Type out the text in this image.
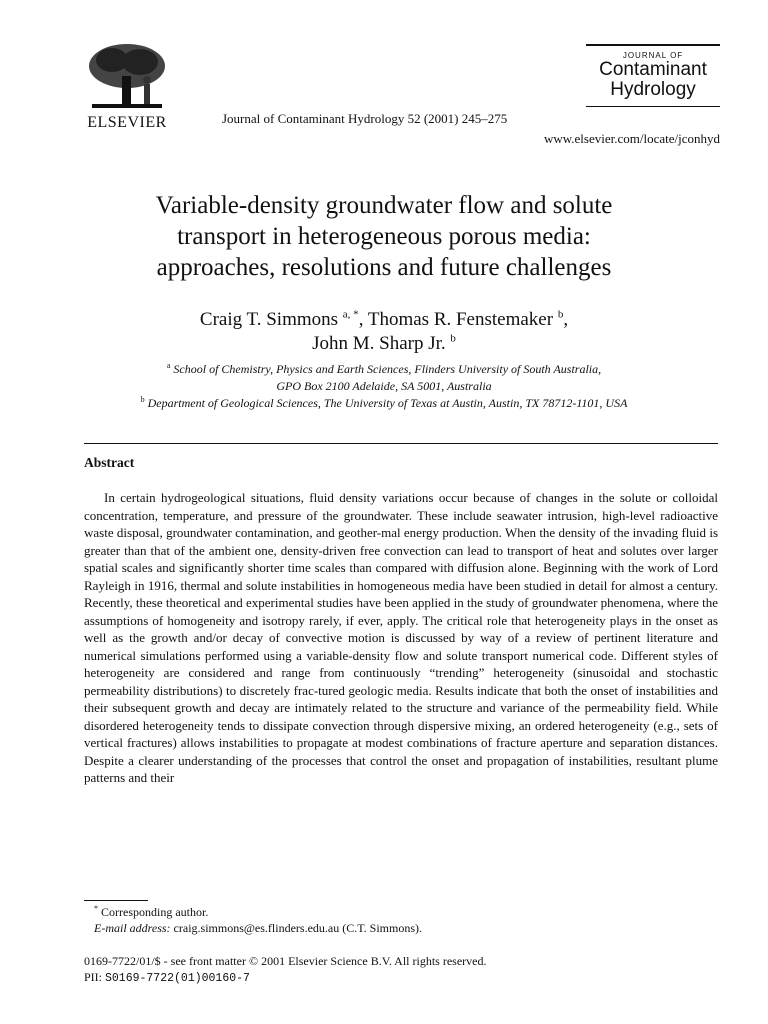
ELSEVIER	Journal of Contaminant Hydrology 52 (2001) 245–275
JOURNAL OF
Contaminant
Hydrology
www.elsevier.com/locate/jconhyd
Variable-density groundwater flow and solute
transport in heterogeneous porous media:
approaches, resolutions and future challenges
Craig T. Simmons $^{a, *}$, Thomas R. Fenstemaker $^b$,
John M. Sharp Jr. $^b$
$^a$ School of Chemistry, Physics and Earth Sciences, Flinders University of South Australia,
GPO Box 2100 Adelaide, SA 5001, Australia
$^b$ Department of Geological Sciences, The University of Texas at Austin, Austin, TX 78712-1101, USA
Abstract
In certain hydrogeological situations, fluid density variations occur because of changes in the solute or colloidal concentration, temperature, and pressure of the groundwater. These include seawater intrusion, high-level radioactive waste disposal, groundwater contamination, and geother-mal energy production. When the density of the invading fluid is greater than that of the ambient one, density-driven free convection can lead to transport of heat and solutes over larger spatial scales and significantly shorter time scales than compared with diffusion alone. Beginning with the work of Lord Rayleigh in 1916, thermal and solute instabilities in homogeneous media have been studied in detail for almost a century. Recently, these theoretical and experimental studies have been applied in the study of groundwater phenomena, where the assumptions of homogeneity and isotropy rarely, if ever, apply. The critical role that heterogeneity plays in the onset as well as the growth and/or decay of convective motion is discussed by way of a review of pertinent literature and numerical simulations performed using a variable-density flow and solute transport numerical code. Different styles of heterogeneity are considered and range from continuously “trending” heterogeneity (sinusoidal and stochastic permeability distributions) to discretely frac-tured geologic media. Results indicate that both the onset of instabilities and their subsequent growth and decay are intimately related to the structure and variance of the permeability field. While disordered heterogeneity tends to dissipate convection through dispersive mixing, an ordered heterogeneity (e.g., sets of vertical fractures) allows instabilities to propagate at modest combinations of fracture aperture and separation distances. Despite a clearer understanding of the processes that control the onset and propagation of instabilities, resultant plume patterns and their
* Corresponding author.
E-mail address: craig.simmons@es.flinders.edu.au (C.T. Simmons).
0169-7722/01/$ - see front matter © 2001 Elsevier Science B.V. All rights reserved.
PII: S0169-7722(01)00160-7
